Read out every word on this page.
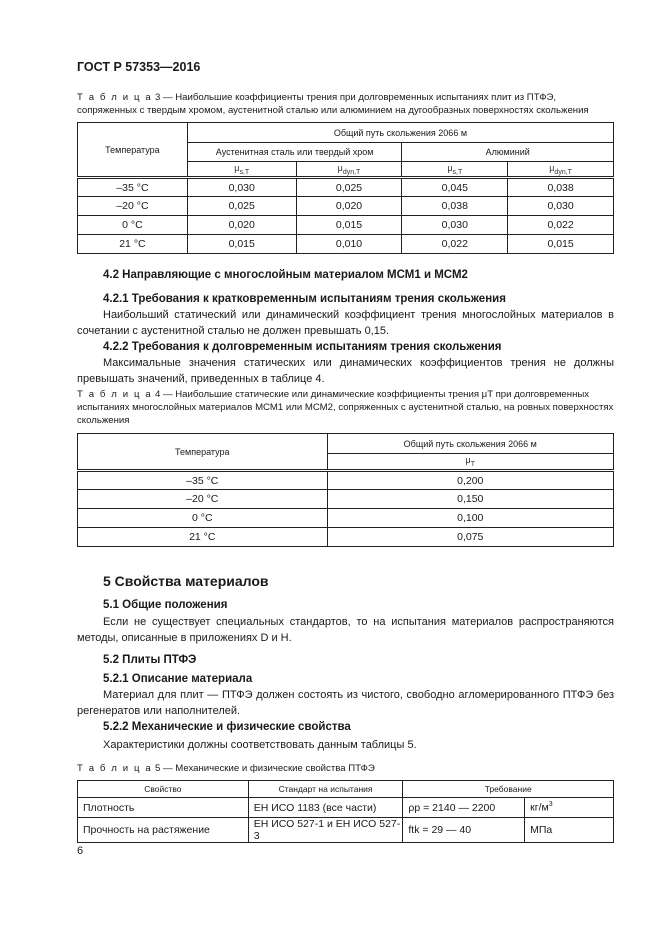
ГОСТ Р 57353—2016
Т а б л и ц а 3 — Наибольшие коэффициенты трения при долговременных испытаниях плит из ПТФЭ, сопряженных с твердым хромом, аустенитной сталью или алюминием на дугообразных поверхностях скольжения
Температура	Общий путь скольжения 2066 м			
	Аустенитная сталь или твердый хром		Алюминий	
	$\mu_{s,T}$	$\mu_{dyn,T}$	$\mu_{s,T}$	$\mu_{dyn,T}$
–35 °C	0,030	0,025	0,045	0,038
–20 °C	0,025	0,020	0,038	0,030
0 °C	0,020	0,015	0,030	0,022
21 °C	0,015	0,010	0,022	0,015
4.2 Направляющие с многослойным материалом МСМ1 и МСМ2
4.2.1 Требования к кратковременным испытаниям трения скольжения
Наибольший статический или динамический коэффициент трения многослойных материалов в сочетании с аустенитной сталью не должен превышать 0,15.
4.2.2 Требования к долговременным испытаниям трения скольжения
Максимальные значения статических или динамических коэффициентов трения не должны превышать значений, приведенных в таблице 4.
Т а б л и ц а 4 — Наибольшие статические или динамические коэффициенты трения μT при долговременных испытаниях многослойных материалов МСМ1 или МСМ2, сопряженных с аустенитной сталью, на ровных поверхностях скольжения
Температура	Общий путь скольжения 2066 м
	$\mu_T$
–35 °C	0,200
–20 °C	0,150
0 °C	0,100
21 °C	0,075
5 Свойства материалов
5.1 Общие положения
Если не существует специальных стандартов, то на испытания материалов распространяются методы, описанные в приложениях D и H.
5.2 Плиты ПТФЭ
5.2.1 Описание материала
Материал для плит — ПТФЭ должен состоять из чистого, свободно агломерированного ПТФЭ без регенератов или наполнителей.
5.2.2 Механические и физические свойства
Характеристики должны соответствовать данным таблицы 5.
Т а б л и ц а 5 — Механические и физические свойства ПТФЭ
Свойство	Стандарт на испытания	Требование	
Плотность	ЕН ИСО 1183 (все части)	ρp = 2140 — 2200	$кг/м^3$
Прочность на растяжение	ЕН ИСО 527-1 и ЕН ИСО 527-3	ftk = 29 — 40	МПа
6
